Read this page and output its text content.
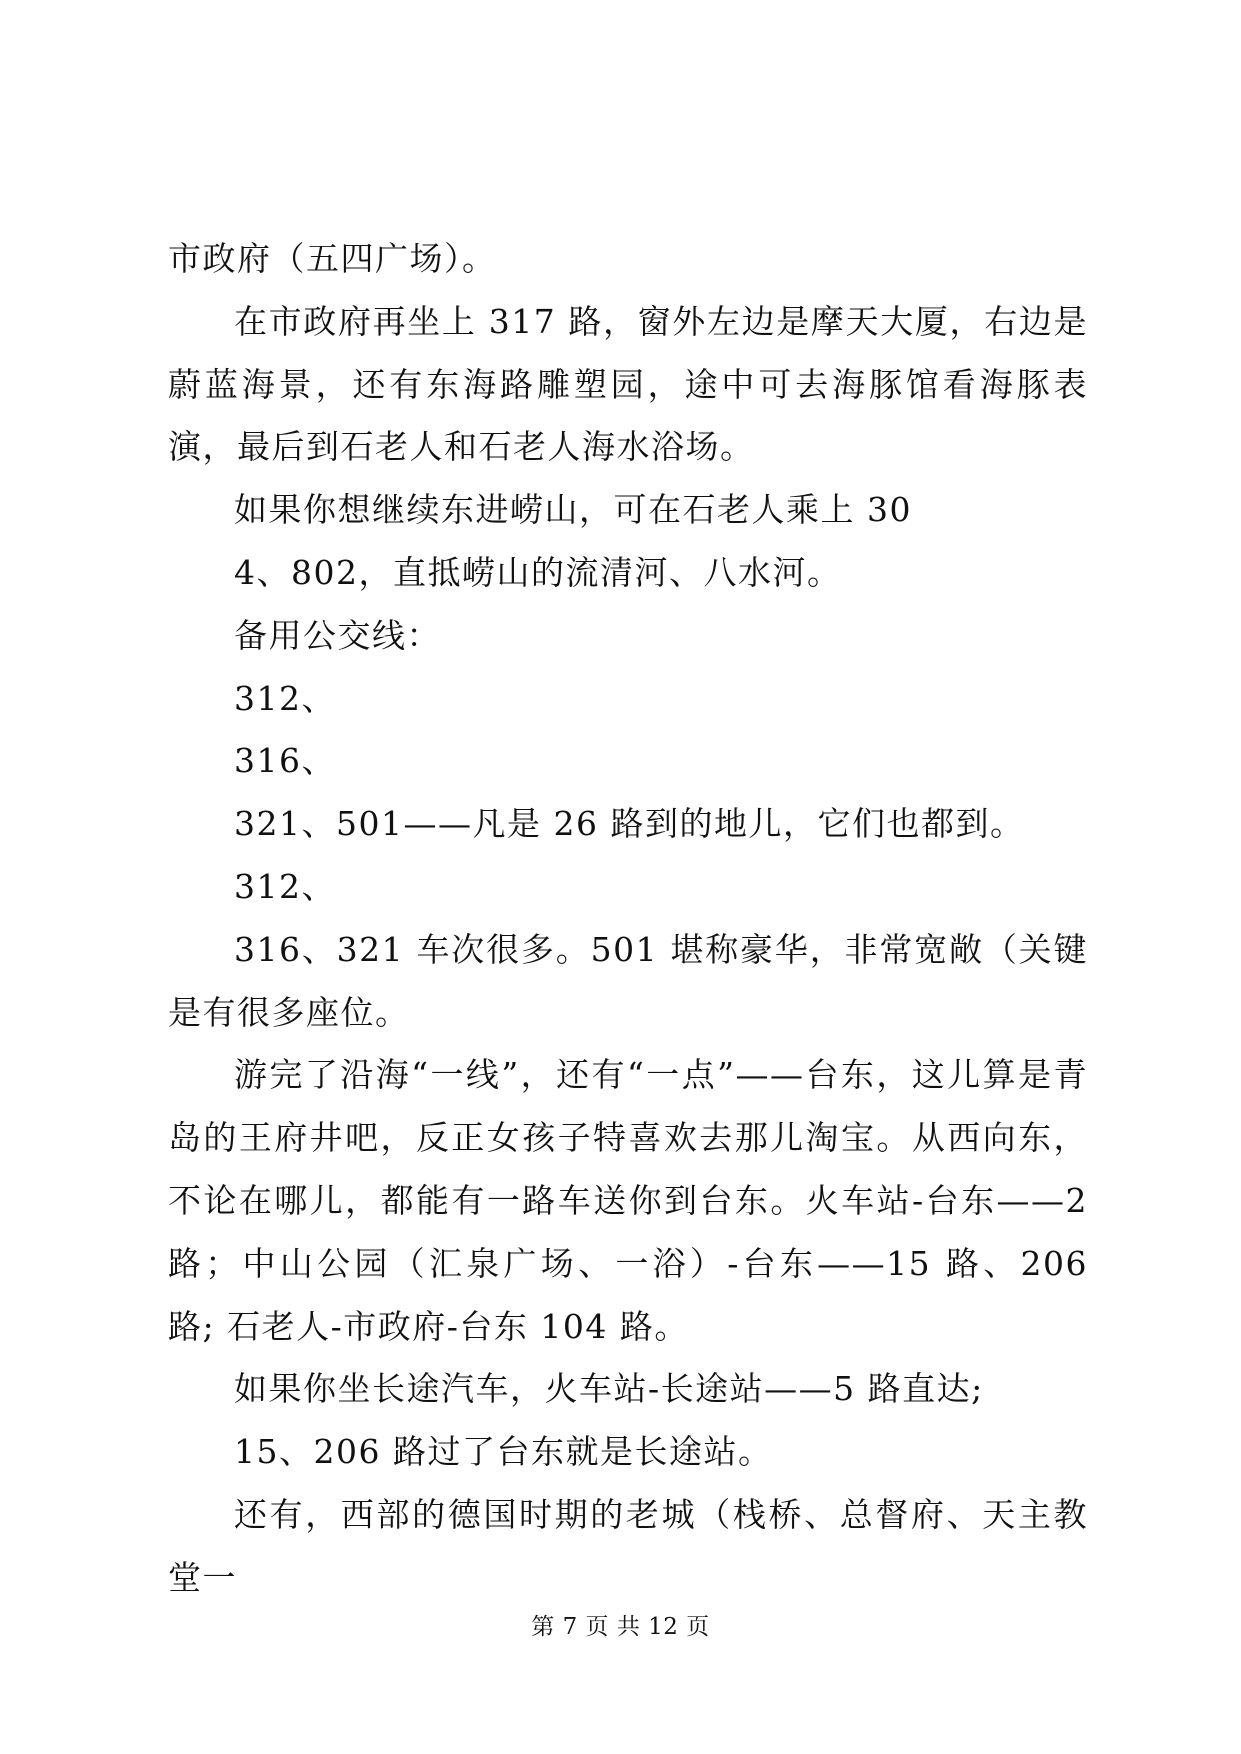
市政府（五四广场）。

在市政府再坐上 317 路，窗外左边是摩天大厦，右边是蔚蓝海景，还有东海路雕塑园，途中可去海豚馆看海豚表演，最后到石老人和石老人海水浴场。

如果你想继续东进崂山，可在石老人乘上 30

4、802，直抵崂山的流清河、八水河。

备用公交线：

312、

316、

321、501——凡是 26 路到的地儿，它们也都到。

312、

316、321 车次很多。501 堪称豪华，非常宽敞（关键是有很多座位。

游完了沿海“一线”，还有“一点”——台东，这儿算是青岛的王府井吧，反正女孩子特喜欢去那儿淘宝。从西向东，不论在哪儿，都能有一路车送你到台东。火车站-台东——2 路；中山公园（汇泉广场、一浴）-台东——15 路、206 路; 石老人-市政府-台东 104 路。

如果你坐长途汽车，火车站-长途站——5 路直达;

15、206 路过了台东就是长途站。

还有，西部的德国时期的老城（栈桥、总督府、天主教堂一

第 7 页 共 12 页
